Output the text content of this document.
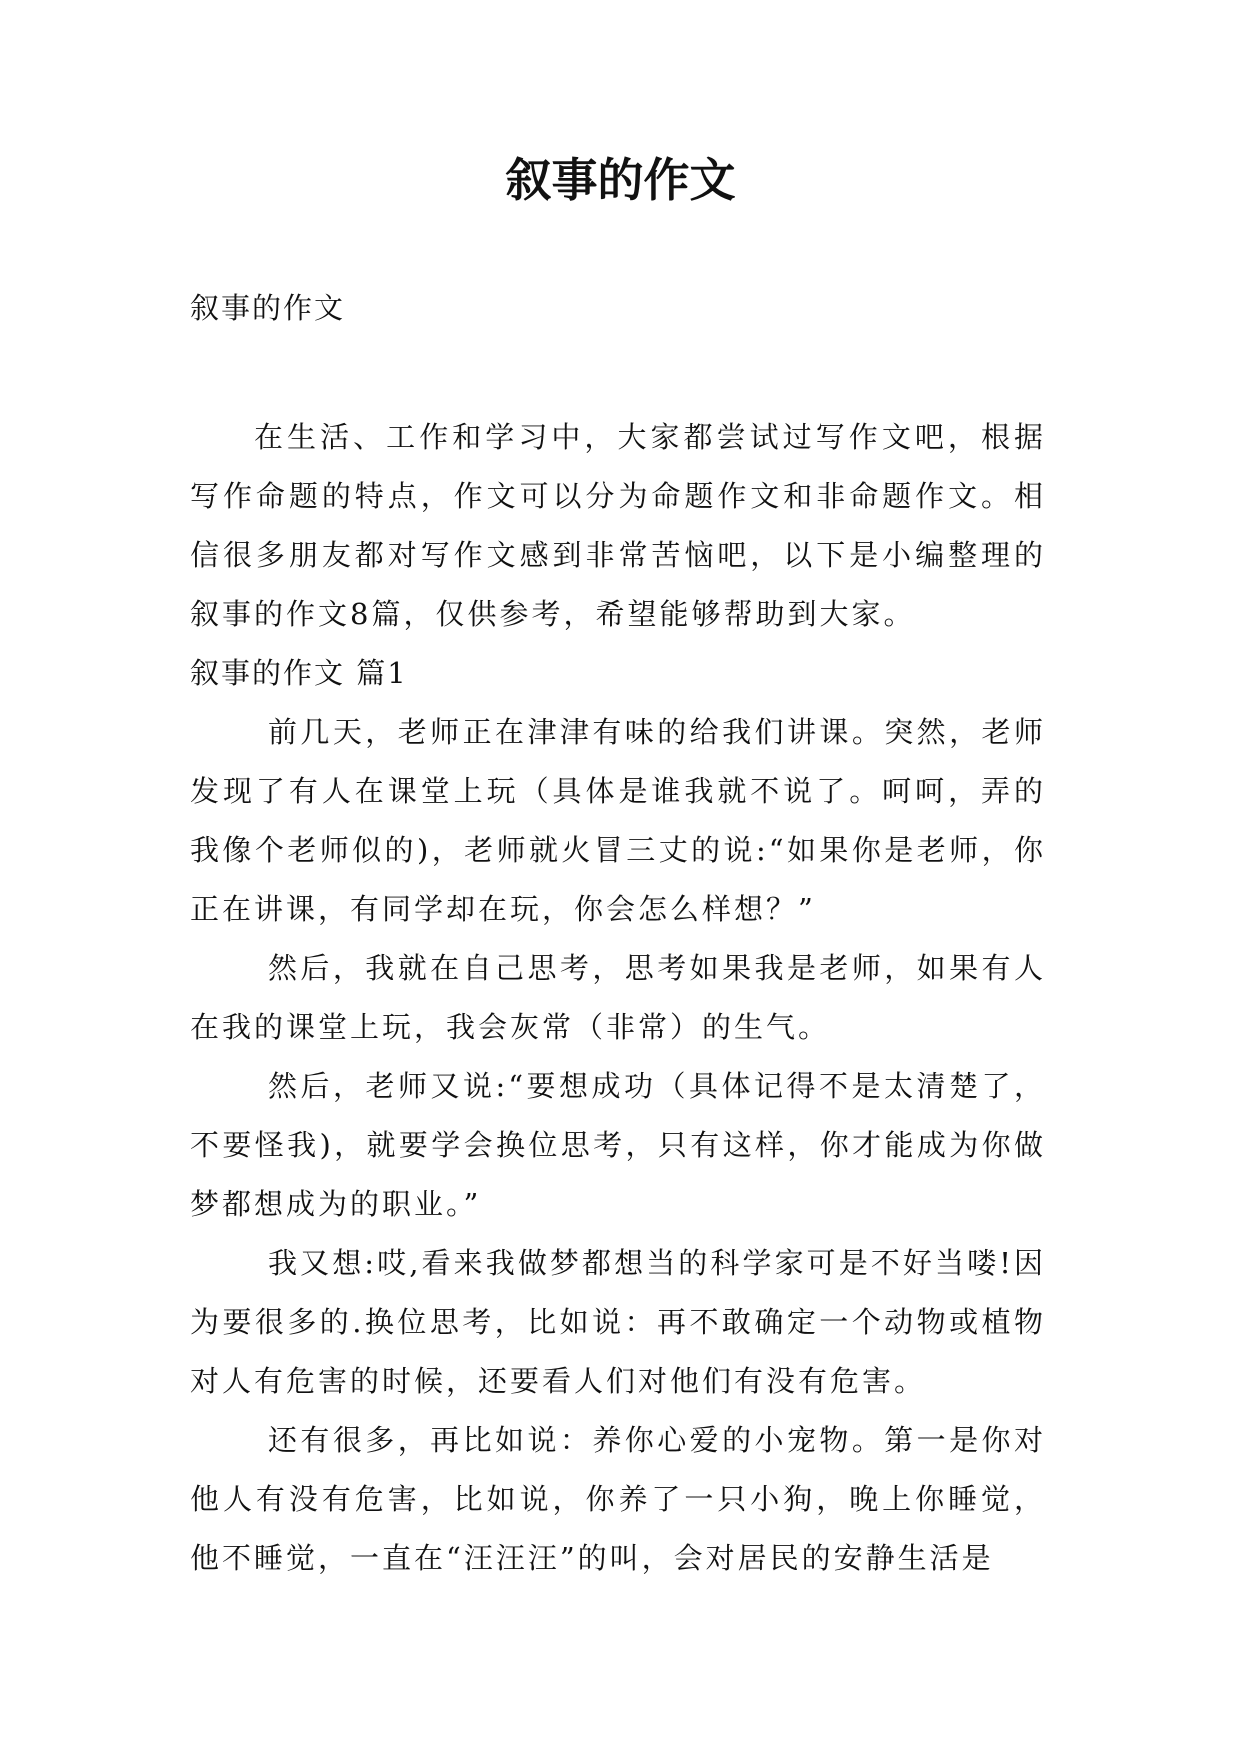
叙事的作文
叙事的作文

在生活、工作和学习中，大家都尝试过写作文吧，根据写作命题的特点，作文可以分为命题作文和非命题作文。相信很多朋友都对写作文感到非常苦恼吧，以下是小编整理的叙事的作文8篇，仅供参考，希望能够帮助到大家。

叙事的作文 篇1

前几天，老师正在津津有味的给我们讲课。突然，老师发现了有人在课堂上玩（具体是谁我就不说了。呵呵，弄的我像个老师似的)，老师就火冒三丈的说:“如果你是老师，你正在讲课，有同学却在玩，你会怎么样想？”

然后，我就在自己思考，思考如果我是老师，如果有人在我的课堂上玩，我会灰常（非常）的生气。

然后，老师又说:“要想成功（具体记得不是太清楚了，不要怪我)，就要学会换位思考，只有这样，你才能成为你做梦都想成为的职业。”

我又想:哎,看来我做梦都想当的科学家可是不好当喽!因为要很多的.换位思考，比如说：再不敢确定一个动物或植物对人有危害的时候，还要看人们对他们有没有危害。

还有很多，再比如说：养你心爱的小宠物。第一是你对他人有没有危害，比如说，你养了一只小狗，晚上你睡觉，他不睡觉，一直在“汪汪汪”的叫，会对居民的安静生活是
